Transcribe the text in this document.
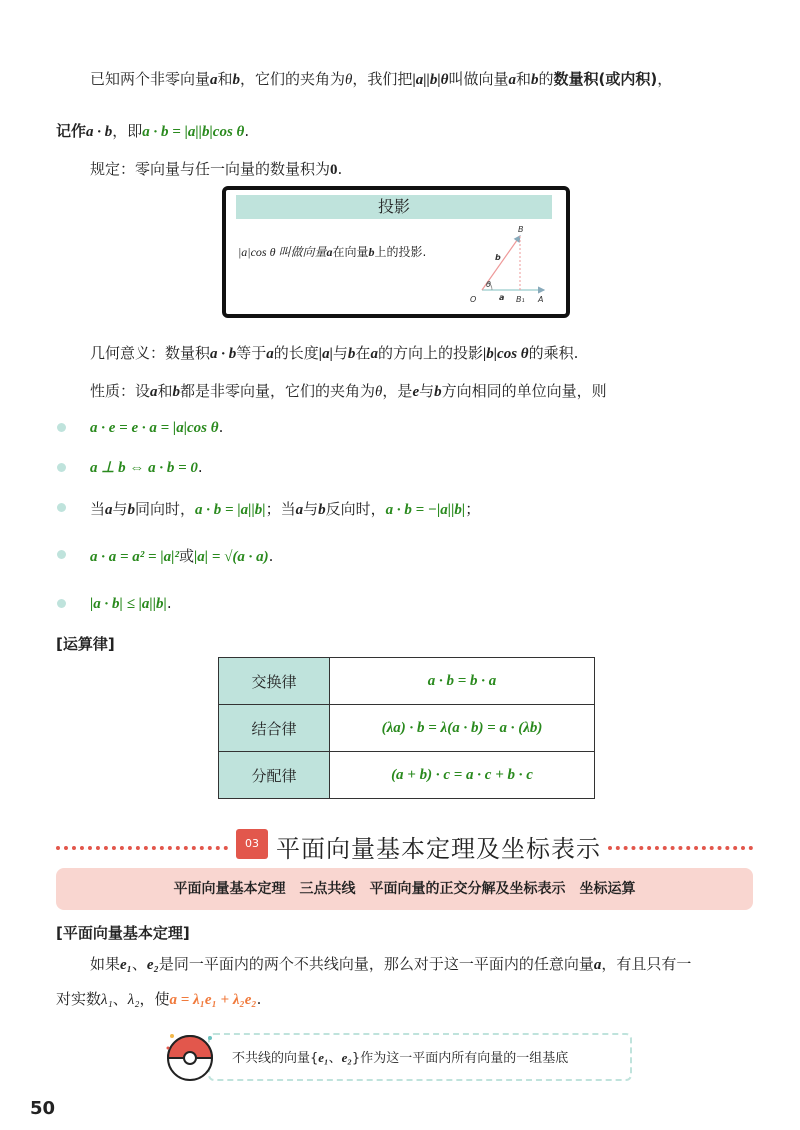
已知两个非零向量a和b，它们的夹角为θ，我们把|a||b|θ叫做向量a和b的数量积(或内积)，
记作a · b，即a · b = |a||b|cos θ.
规定：零向量与任一向量的数量积为0.
投影
|a|cos θ 叫做向量a在向量b上的投影.
B
b
O	a B₁ A
θ
几何意义：数量积a · b等于a的长度|a|与b在a的方向上的投影|b|cos θ的乘积.
性质：设a和b都是非零向量，它们的夹角为θ，是e与b方向相同的单位向量，则
a · e = e · a = |a|cos θ.
a ⊥ b ⇔ a · b = 0.
当a与b同向时，a · b = |a||b|；当a与b反向时，a · b = −|a||b|；
a · a = a² = |a|²或|a| = √(a · a).
|a · b| ≤ |a||b|.
[运算律]
交换律	a · b = b · a
结合律	(λa) · b = λ(a · b) = a · (λb)
分配律	(a + b) · c = a · c + b · c
03 平面向量基本定理及坐标表示
平面向量基本定理　三点共线　平面向量的正交分解及坐标表示　坐标运算
[平面向量基本定理]
如果e₁、e₂是同一平面内的两个不共线向量，那么对于这一平面内的任意向量a，有且只有一
对实数λ₁、λ₂，使a = λ₁e₁ + λ₂e₂.
不共线的向量{e₁、e₂}作为这一平面内所有向量的一组基底
50
